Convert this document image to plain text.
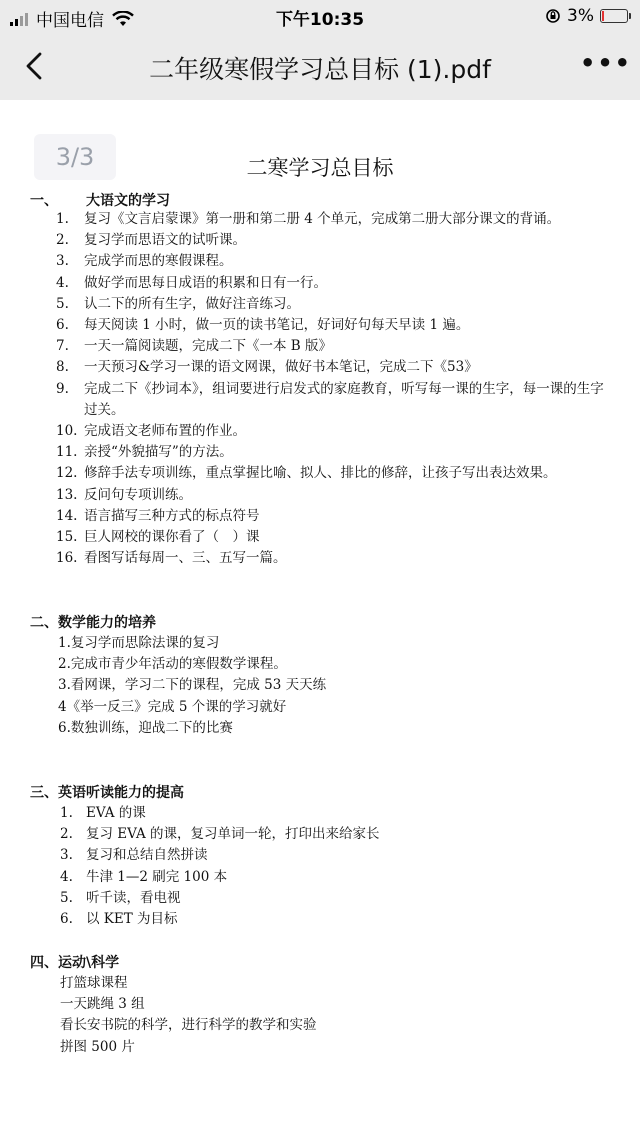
中国电信	下午10:35	3%
二年级寒假学习总目标 (1).pdf	•••
3/3	二寒学习总目标
一、 大语文的学习
1.	复习《文言启蒙课》第一册和第二册 4 个单元，完成第二册大部分课文的背诵。
2.	复习学而思语文的试听课。
3.	完成学而思的寒假课程。
4.	做好学而思每日成语的积累和日有一行。
5.	认二下的所有生字，做好注音练习。
6.	每天阅读 1 小时，做一页的读书笔记，好词好句每天早读 1 遍。
7.	一天一篇阅读题，完成二下《一本 B 版》
8.	一天预习&学习一课的语文网课，做好书本笔记，完成二下《53》
9.	完成二下《抄词本》，组词要进行启发式的家庭教育，听写每一课的生字，每一课的生字过关。
10. 完成语文老师布置的作业。
11. 亲授“外貌描写”的方法。
12. 修辞手法专项训练，重点掌握比喻、拟人、排比的修辞，让孩子写出表达效果。
13. 反问句专项训练。
14. 语言描写三种方式的标点符号
15. 巨人网校的课你看了（　）课
16. 看图写话每周一、三、五写一篇。
二、数学能力的培养
1.复习学而思除法课的复习
2.完成市青少年活动的寒假数学课程。
3.看网课，学习二下的课程，完成 53 天天练
4《举一反三》完成 5 个课的学习就好
6.数独训练，迎战二下的比赛
三、英语听读能力的提高
1. EVA 的课
2. 复习 EVA 的课，复习单词一轮，打印出来给家长
3. 复习和总结自然拼读
4. 牛津 1—2 刷完 100 本
5. 听千读，看电视
6. 以 KET 为目标
四、运动\科学
打篮球课程
一天跳绳 3 组
看长安书院的科学，进行科学的教学和实验
拼图 500 片
